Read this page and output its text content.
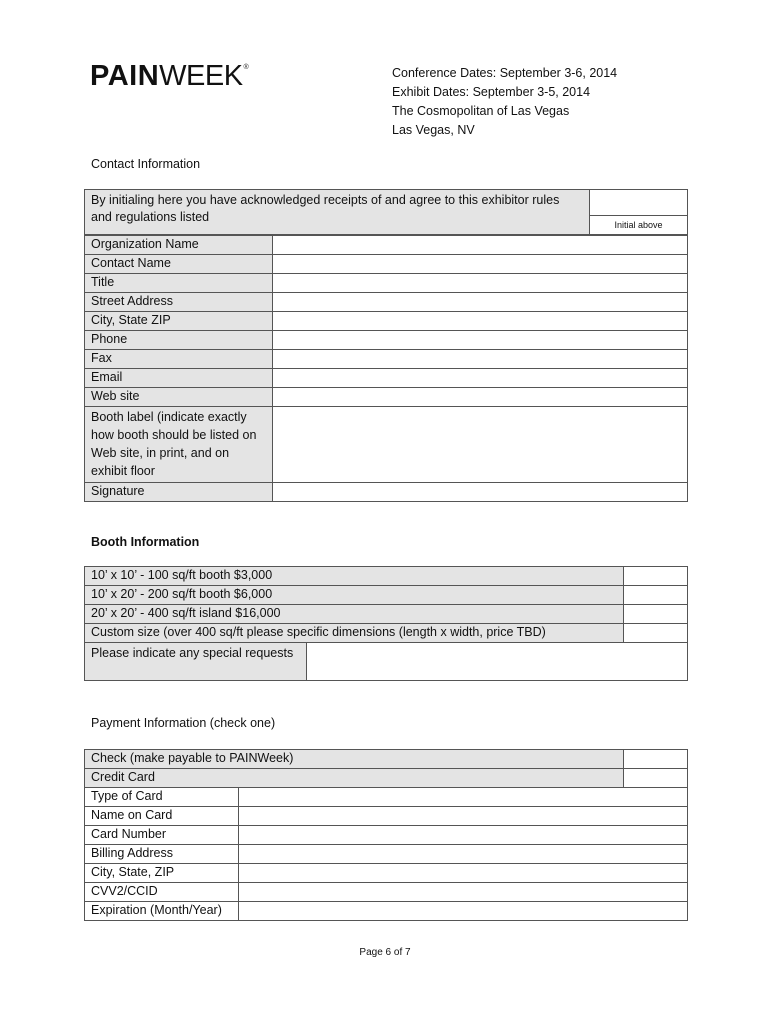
PAINWEEK®	Conference Dates: September 3-6, 2014
Exhibit Dates: September 3-5, 2014
The Cosmopolitan of Las Vegas
Las Vegas, NV
Contact Information
By initialing here you have acknowledged receipts of and agree to this exhibitor rules and regulations listed	
Initial above
Organization Name	
Contact Name	
Title	
Street Address	
City, State ZIP	
Phone	
Fax	
Email	
Web site	
Booth label (indicate exactly how booth should be listed on Web site, in print, and on exhibit floor	
Signature	
Booth Information
10’ x 10’ - 100 sq/ft booth $3,000	
10’ x 20’ - 200 sq/ft booth $6,000	
20’ x 20’ - 400 sq/ft island $16,000	
Custom size (over 400 sq/ft please specific dimensions (length x width, price TBD)	
Please indicate any special requests	
Payment Information (check one)
Check (make payable to PAINWeek)	
Credit Card	
Type of Card	
Name on Card	
Card Number	
Billing Address	
City, State, ZIP	
CVV2/CCID	
Expiration (Month/Year)	
Page 6 of 7
